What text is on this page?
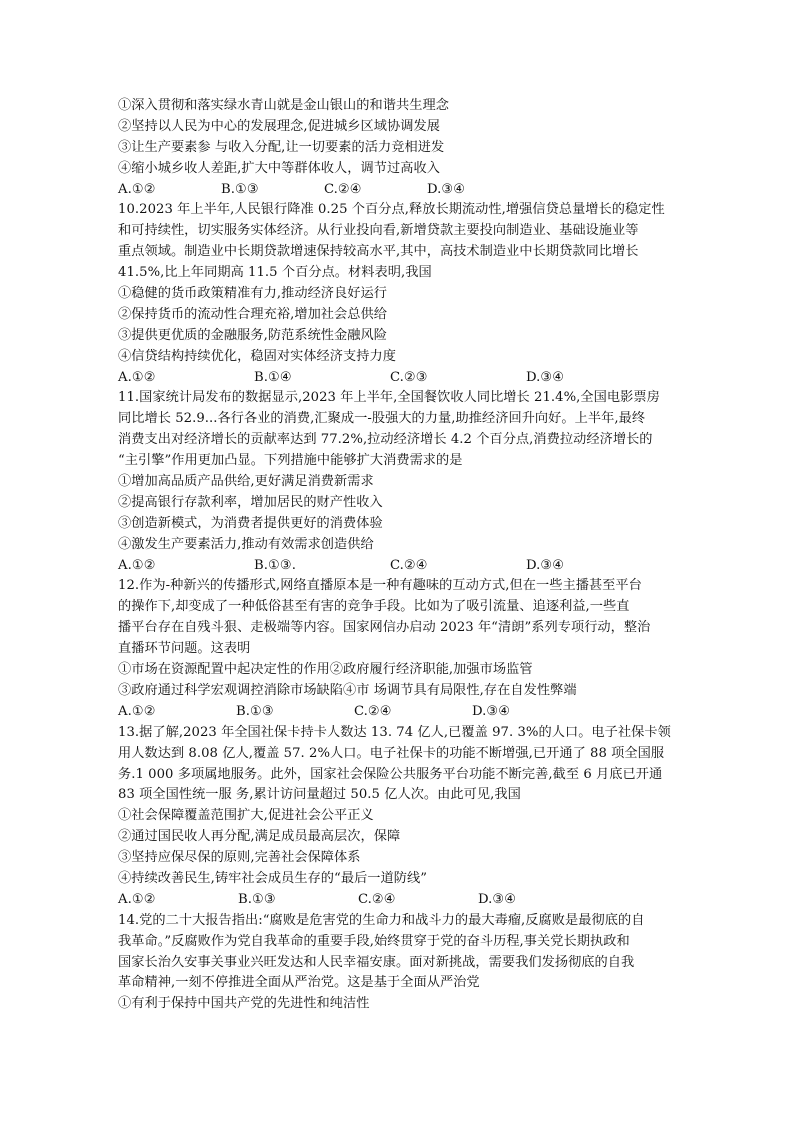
①深入贯彻和落实绿水青山就是金山银山的和谐共生理念
②坚持以人民为中心的发展理念,促进城乡区域协调发展
③让生产要素参 与收入分配,让一切要素的活力竞相迸发
④缩小城乡收人差距,扩大中等群体收人，调节过高收入
A.①②	B.①③	C.②④	D.③④
10.2023 年上半年,人民银行降准 0.25 个百分点,释放长期流动性,增强信贷总量增长的稳定性
和可持续性，切实服务实体经济。从行业投向看,新增贷款主要投向制造业、基础设施业等
重点领域。制造业中长期贷款增速保持较高水平,其中，高技术制造业中长期贷款同比增长
41.5%,比上年同期高 11.5 个百分点。材料表明,我国
①稳健的货币政策精准有力,推动经济良好运行
②保持货币的流动性合理充裕,增加社会总供给
③提供更优质的金融服务,防范系统性金融风险
④信贷结构持续优化，稳固对实体经济支持力度
A.①②	B.①④	C.②③	D.③④
11.国家统计局发布的数据显示,2023 年上半年,全国餐饮收人同比增长 21.4%,全国电影票房
同比增长 52.9...各行各业的消费,汇聚成一-股强大的力量,助推经济回升向好。上半年,最终
消费支出对经济增长的贡献率达到 77.2%,拉动经济增长 4.2 个百分点,消费拉动经济增长的
“主引擎”作用更加凸显。下列措施中能够扩大消费需求的是
①增加高品质产品供给,更好满足消费新需求
②提高银行存款利率，增加居民的财产性收入
③创造新模式，为消费者提供更好的消费体验
④激发生产要素活力,推动有效需求创造供给
A.①②	B.①③.	C.②④	D.③④
12.作为-种新兴的传播形式,网络直播原本是一种有趣味的互动方式,但在一些主播甚至平台
的操作下,却变成了一种低俗甚至有害的竞争手段。比如为了吸引流量、追逐利益,一些直
播平台存在自残斗狠、走极端等内容。国家网信办启动 2023 年“清朗”系列专项行动，整治
直播环节问题。这表明
①市场在资源配置中起决定性的作用②政府履行经济职能,加强市场监管
③政府通过科学宏观调控消除市场缺陷④市 场调节具有局限性,存在自发性弊端
A.①②	B.①③	C.②④	D.③④
13.据了解,2023 年全国社保卡持卡人数达 13. 74 亿人,已覆盖 97. 3%的人口。电子社保卡领
用人数达到 8.08 亿人,覆盖 57. 2%人口。电子社保卡的功能不断增强,已开通了 88 项全国服
务.1 000 多项属地服务。此外，国家社会保险公共服务平台功能不断完善,截至 6 月底已开通
83 项全国性统一服 务,累计访问量超过 50.5 亿人次。由此可见,我国
①社会保障覆盖范围扩大,促进社会公平正义
②通过国民收人再分配,满足成员最高层次，保障
③坚持应保尽保的原则,完善社会保障体系
④持续改善民生,铸牢社会成员生存的“最后一道防线”
A.①②	B.①③	C.②④	D.③④
14.党的二十大报告指出:“腐败是危害党的生命力和战斗力的最大毒瘤,反腐败是最彻底的自
我革命。”反腐败作为党自我革命的重要手段,始终贯穿于党的奋斗历程,事关党长期执政和
国家长治久安事关事业兴旺发达和人民幸福安康。面对新挑战，需要我们发扬彻底的自我
革命精神,一刻不停推进全面从严治党。这是基于全面从严治党
①有利于保持中国共产党的先进性和纯洁性
